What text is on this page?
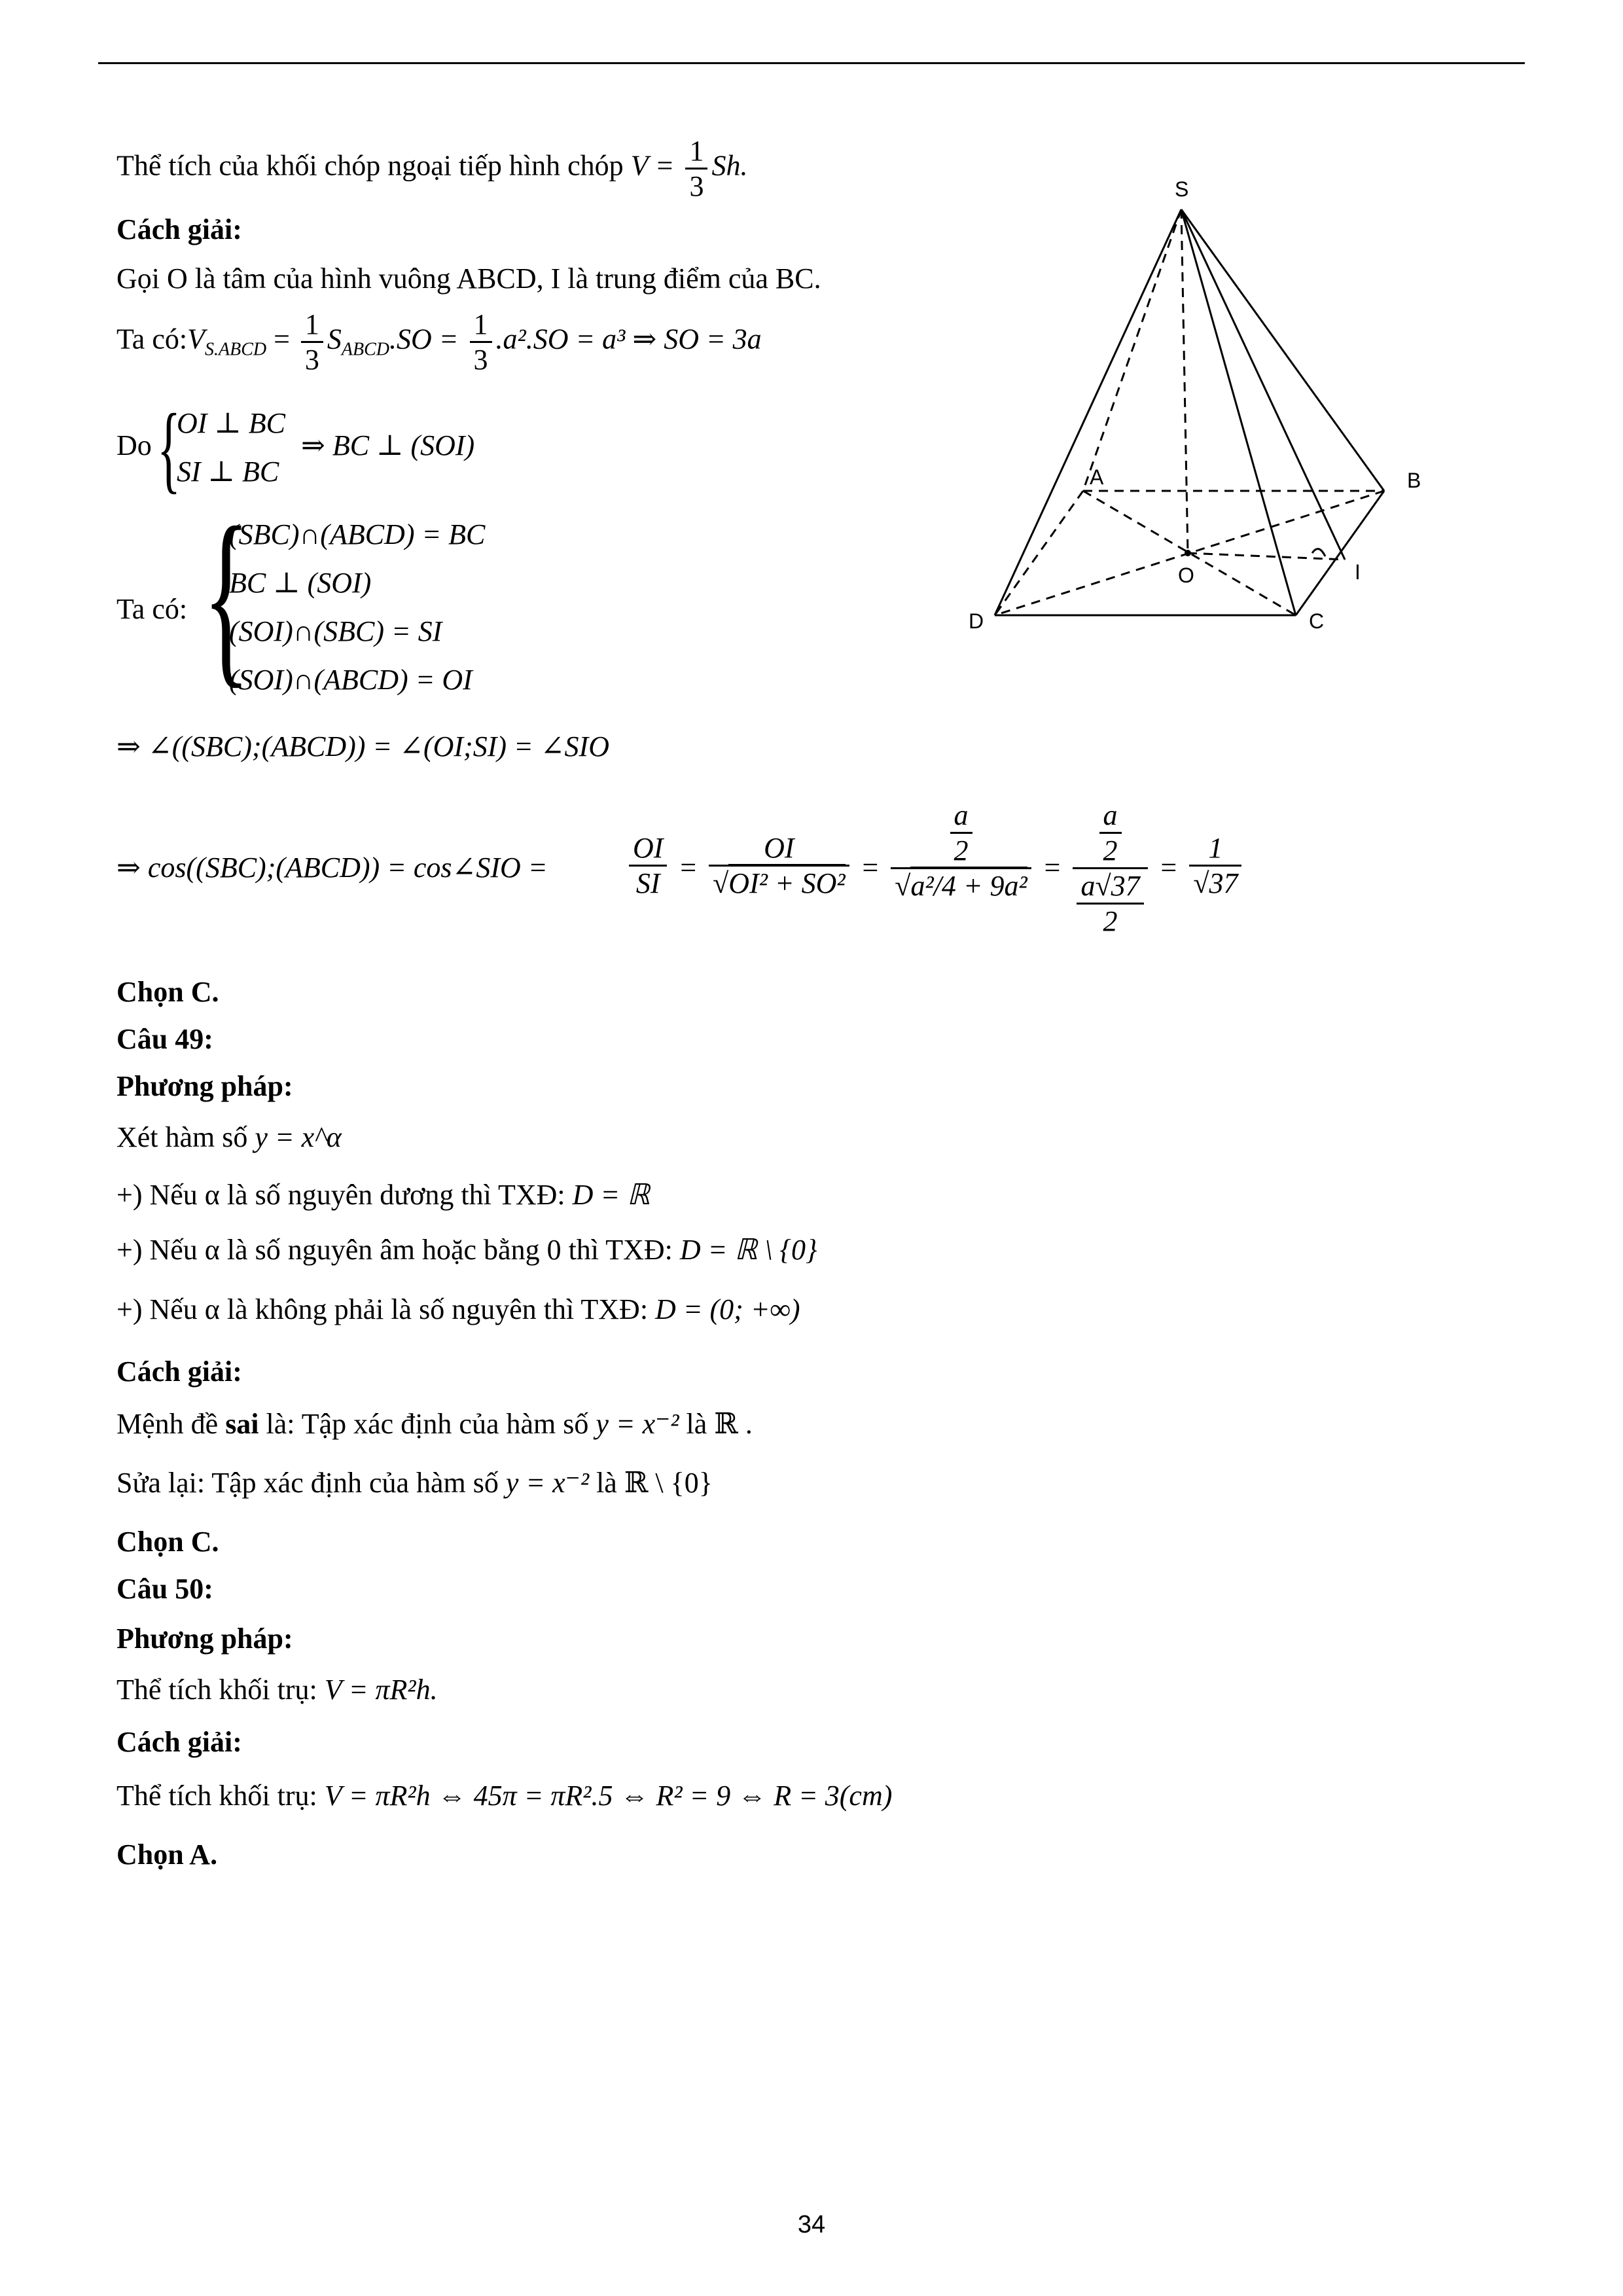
Thể tích của khối chóp ngoại tiếp hình chóp $V = \frac{1}{3} Sh$.
Cách giải:
Gọi O là tâm của hình vuông ABCD, I là trung điểm của BC.
Ta $có:V_{S.ABCD} = \frac{1}{3} S_{ABCD}.SO = \frac{1}{3} .a^2.SO = a^3$ ⇒ SO = 3a
Do {
OI ⊥ BC
SI ⊥ BC
⇒ BC ⊥ (SOI)
Ta có: {
(SBC)∩(ABCD) = BC
BC ⊥ (SOI)
(SOI)∩(SBC) = SI
(SOI)∩(ABCD) = OI
⇒ ∠((SBC);(ABCD)) = ∠(OI;SI) = ∠SIO
⇒ cos((SBC);(ABCD)) = cos∠SIO =	$\frac{OI}{SI} = \frac{OI}{\text{√OI² + SO²}} = \frac{\frac{a}{2}}{\text{√a²/4 + 9a²}} = \frac{\frac{a}{2}}{\frac{a√37}{2}} = \frac{1}{√37}$
Chọn C.
Câu 49:
Phương pháp:
Xét hàm số y = x^α
+) Nếu α là số nguyên dương thì TXĐ: D = ℝ
+) Nếu α là số nguyên âm hoặc bằng 0 thì TXĐ: D = ℝ \ {0}
+) Nếu α là không phải là số nguyên thì TXĐ: D = (0; +∞)
Cách giải:
Mệnh đề sai là: Tập xác định của hàm số y = x⁻² là ℝ .
Sửa lại: Tập xác định của hàm số y = x⁻² là ℝ \ {0}
Chọn C.
Câu 50:
Phương pháp:
Thể tích khối trụ: V = πR²h.
Cách giải:
Thể tích khối trụ: V = πR²h ⇔ 45π = πR².5 ⇔ R² = 9 ⇔ R = 3(cm)
Chọn A.
S
A	B
C
D
O	I
34
